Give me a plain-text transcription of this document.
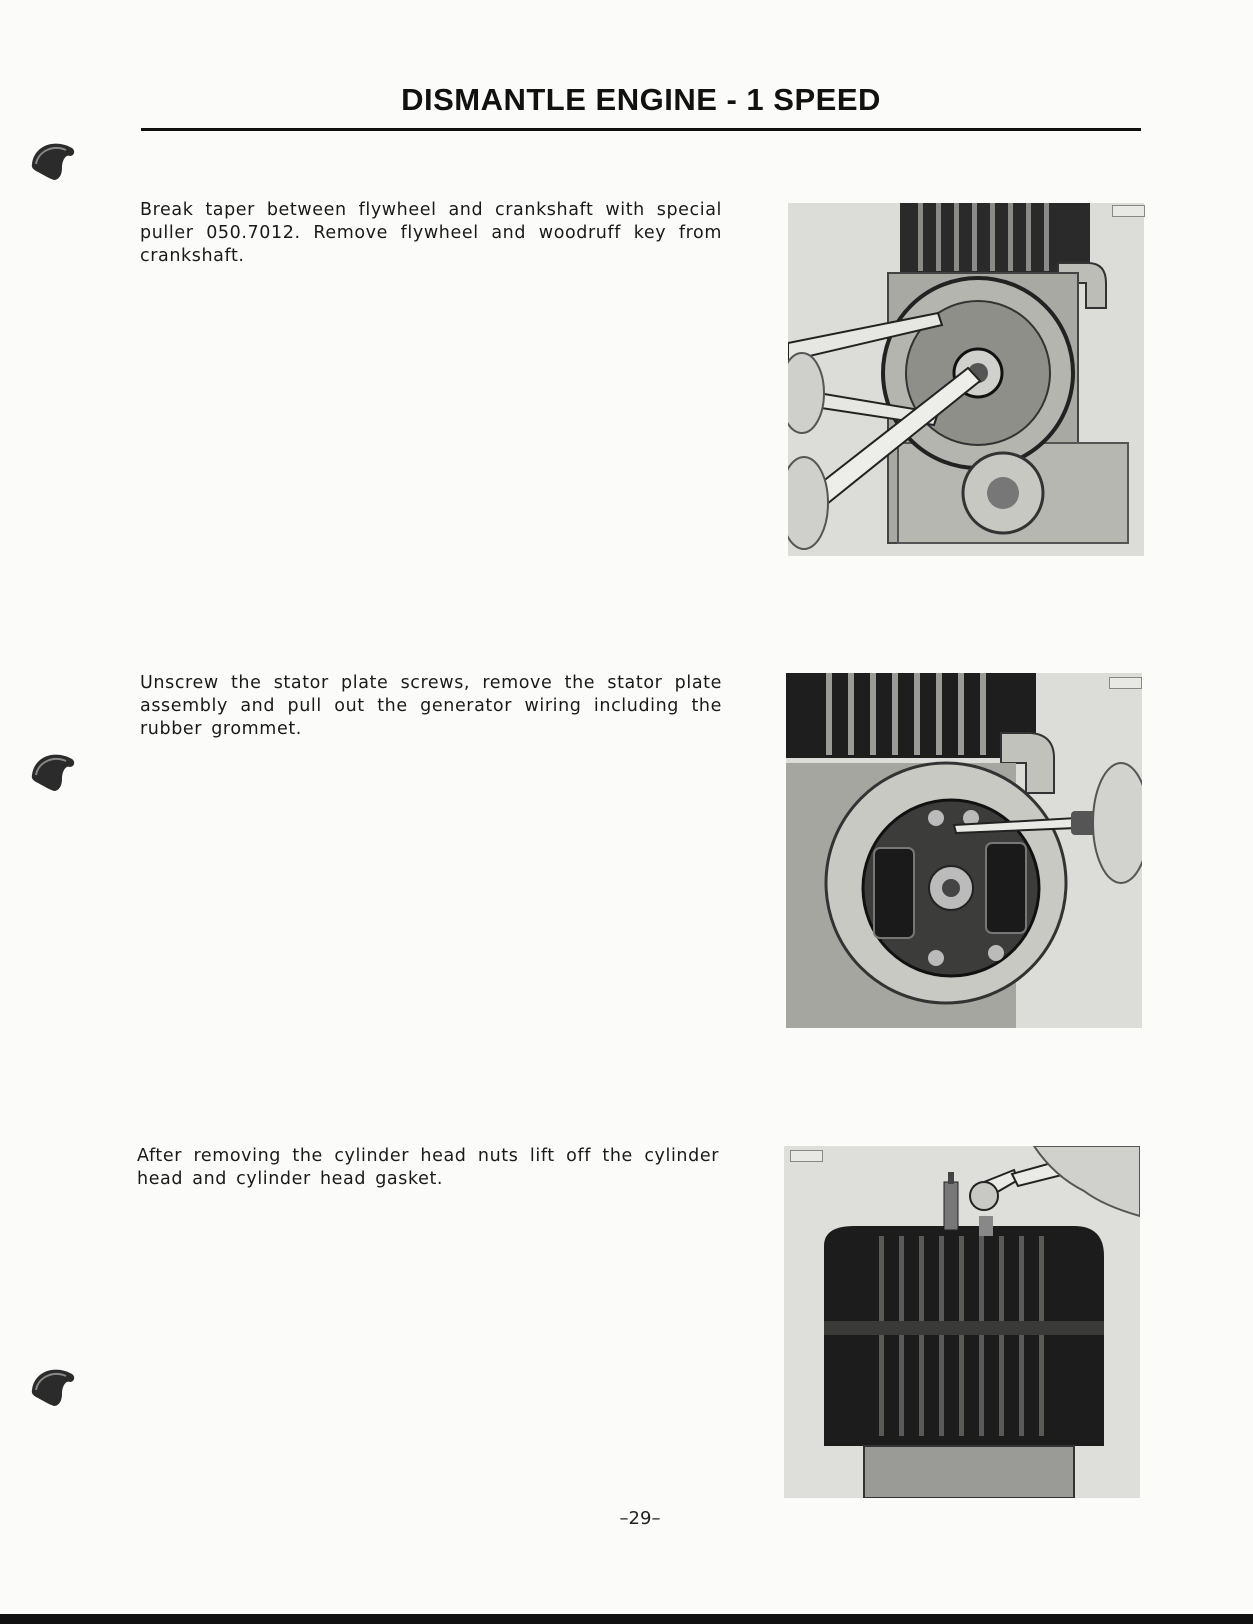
DISMANTLE ENGINE - 1 SPEED
Break taper between flywheel and crankshaft with special puller 050.7012. Remove flywheel and woodruff key from crankshaft.

Unscrew the stator plate screws, remove the stator plate assembly and pull out the generator wiring including the rubber grommet.

After removing the cylinder head nuts lift off the cylinder head and cylinder head gasket.

–29–
